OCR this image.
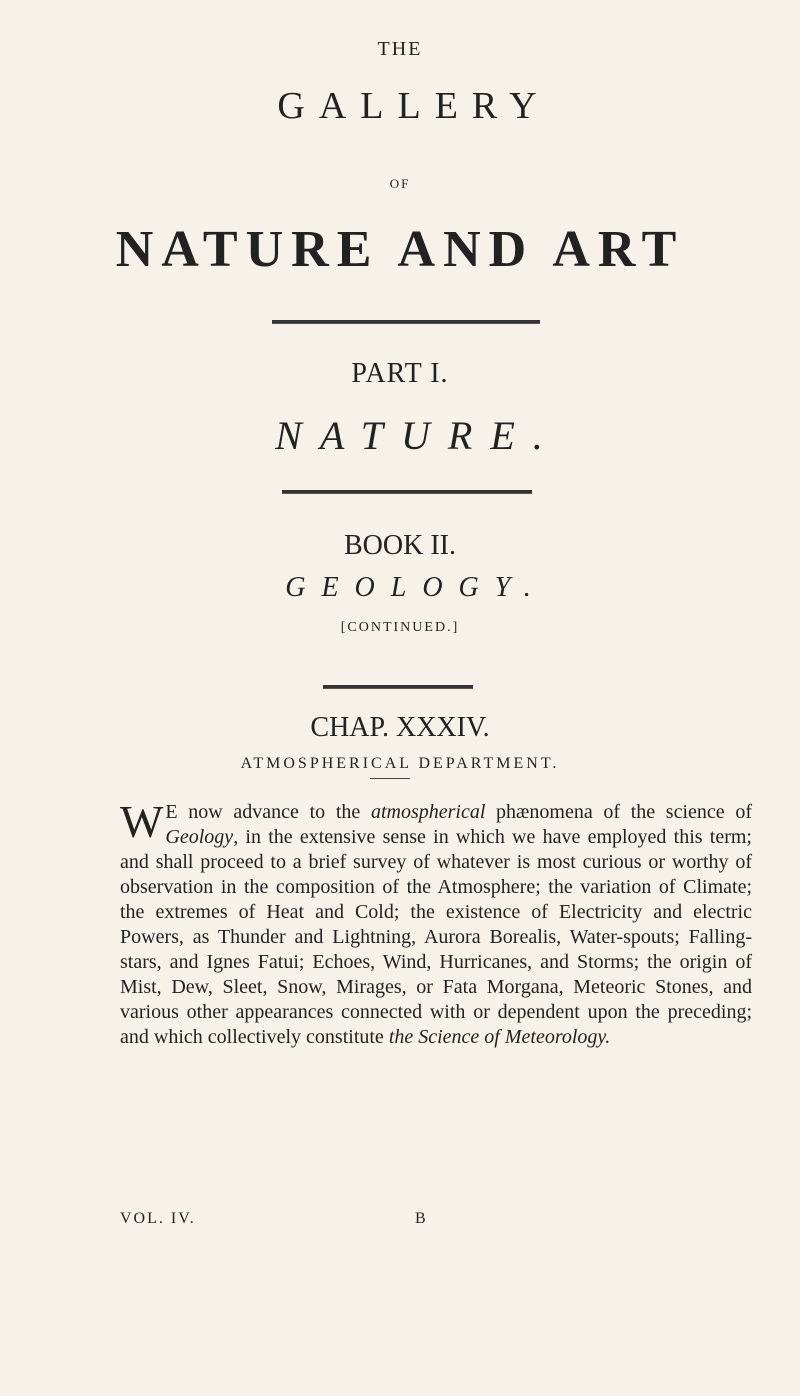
THE
GALLERY
OF
NATURE AND ART
PART I.
NATURE.
BOOK II.
GEOLOGY.
[CONTINUED.]
CHAP. XXXIV.
ATMOSPHERICAL DEPARTMENT.
W E now advance to the atmospherical phænomena of the science of Geology, in the extensive sense in which we have employed this term; and shall proceed to a brief survey of whatever is most curious or worthy of observation in the composition of the Atmosphere; the variation of Climate; the extremes of Heat and Cold; the existence of Electricity and electric Powers, as Thunder and Lightning, Aurora Borealis, Water-spouts; Falling-stars, and Ignes Fatui; Echoes, Wind, Hurricanes, and Storms; the origin of Mist, Dew, Sleet, Snow, Mirages, or Fata Morgana, Meteoric Stones, and various other appearances connected with or dependent upon the preceding; and which collectively constitute the Science of Meteorology.
VOL. IV.	B
